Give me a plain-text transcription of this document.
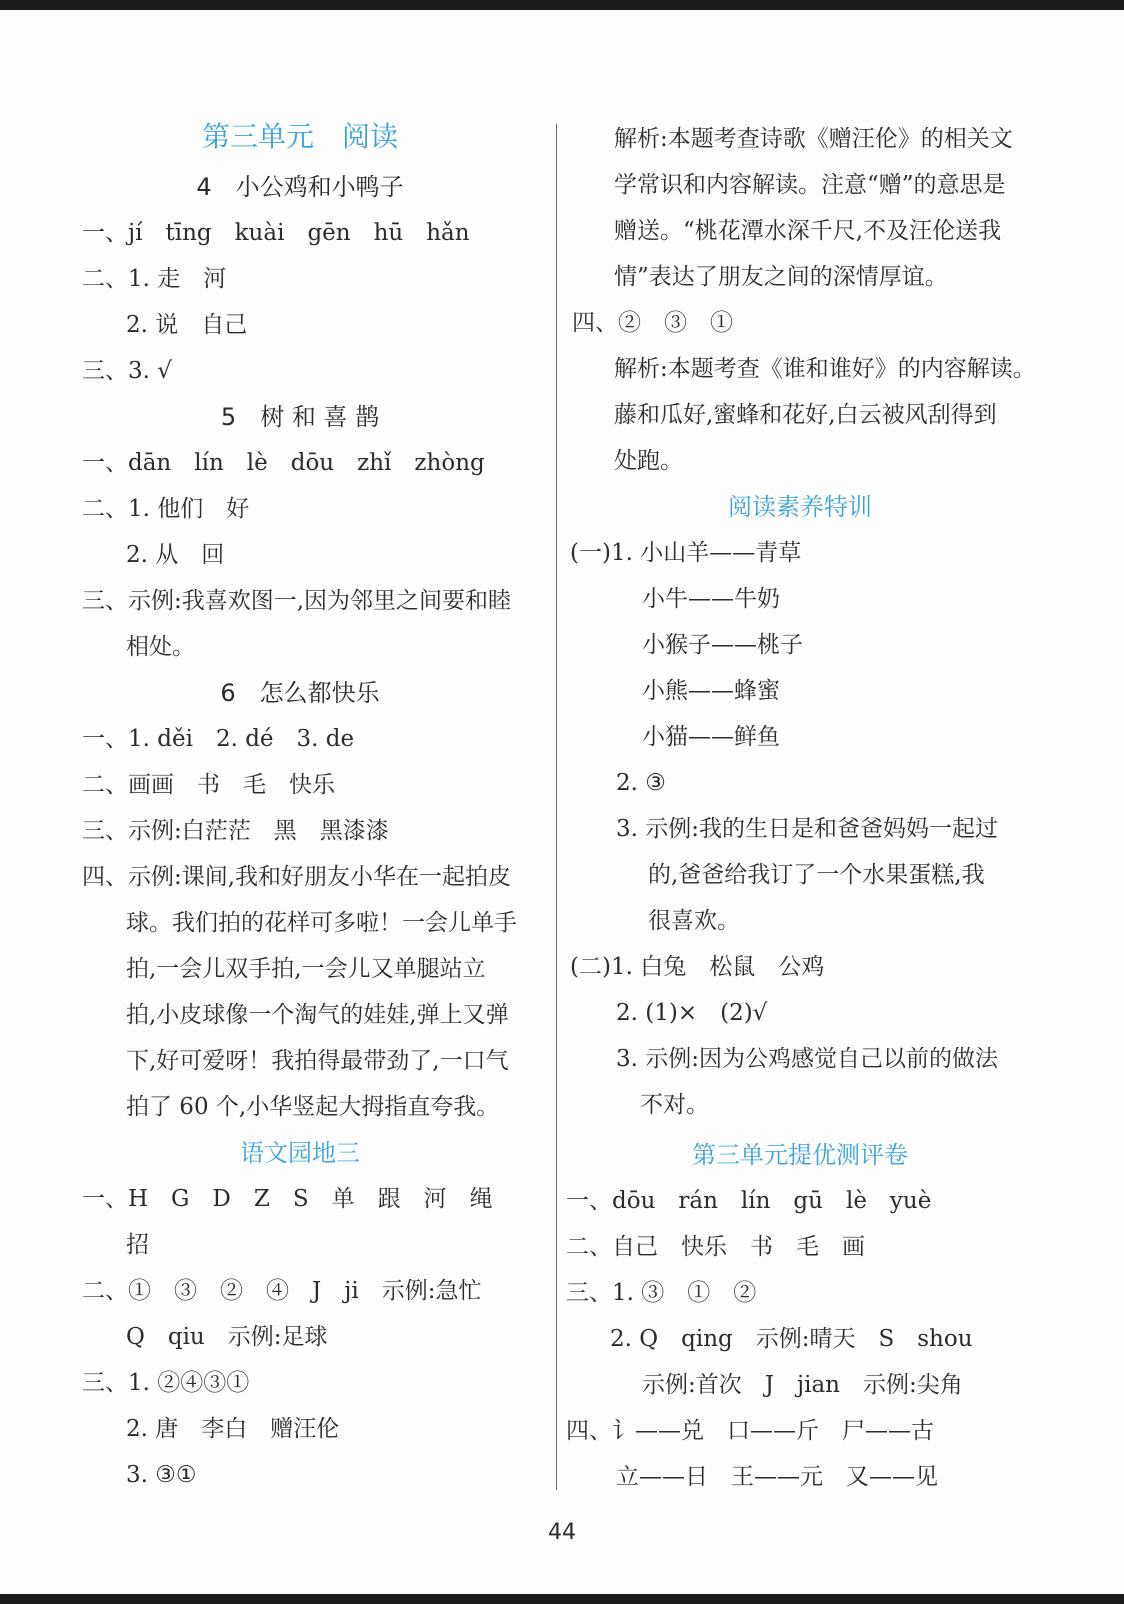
第三单元　阅读
4　小公鸡和小鸭子
一、jí　tīng　kuài　gēn　hū　hǎn
二、1. 走　河
2. 说　自己
三、3. √
5　树 和 喜 鹊
一、dān　lín　lè　dōu　zhǐ　zhòng
二、1. 他们　好
2. 从　回
三、示例:我喜欢图一,因为邻里之间要和睦
相处。
6　怎么都快乐
一、1. děi　2. dé　3. de
二、画画　书　毛　快乐
三、示例:白茫茫　黑　黑漆漆
四、示例:课间,我和好朋友小华在一起拍皮
球。我们拍的花样可多啦！一会儿单手
拍,一会儿双手拍,一会儿又单腿站立
拍,小皮球像一个淘气的娃娃,弹上又弹
下,好可爱呀！我拍得最带劲了,一口气
拍了 60 个,小华竖起大拇指直夸我。
语文园地三
一、H　G　D　Z　S　单　跟　河　绳
招
二、①　③　②　④　J　ji　示例:急忙
Q　qiu　示例:足球
三、1. ②④③①
2. 唐　李白　赠汪伦
3. ③①
解析:本题考查诗歌《赠汪伦》的相关文
学常识和内容解读。注意“赠”的意思是
赠送。“桃花潭水深千尺,不及汪伦送我
情”表达了朋友之间的深情厚谊。
四、②　③　①
解析:本题考查《谁和谁好》的内容解读。
藤和瓜好,蜜蜂和花好,白云被风刮得到
处跑。
阅读素养特训
(一)1. 小山羊——青草
小牛——牛奶
小猴子——桃子
小熊——蜂蜜
小猫——鲜鱼
2. ③
3. 示例:我的生日是和爸爸妈妈一起过
的,爸爸给我订了一个水果蛋糕,我
很喜欢。
(二)1. 白兔　松鼠　公鸡
2. (1)×　(2)√
3. 示例:因为公鸡感觉自己以前的做法
不对。
第三单元提优测评卷
一、dōu　rán　lín　gū　lè　yuè
二、自己　快乐　书　毛　画
三、1. ③　①　②
2. Q　qing　示例:晴天　S　shou
示例:首次　J　jian　示例:尖角
四、讠——兑　口——斤　尸——古
立——日　王——元　又——见
44
